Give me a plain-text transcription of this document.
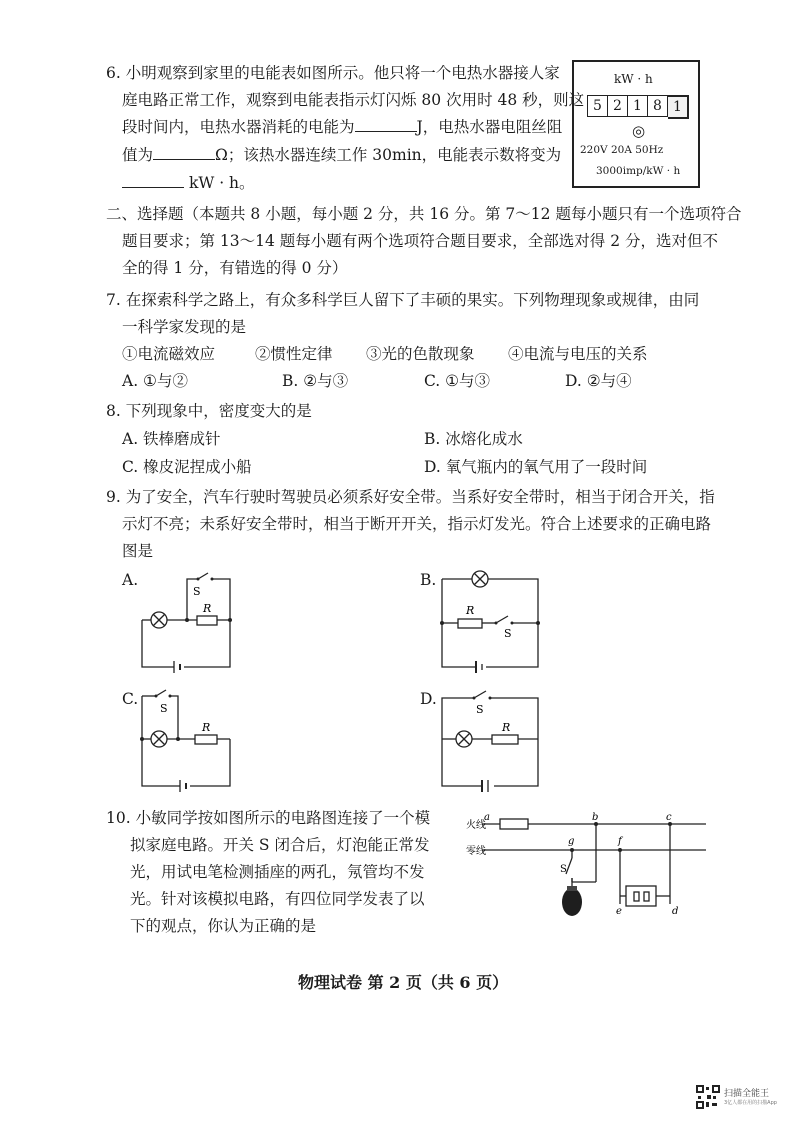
6. 小明观察到家里的电能表如图所示。他只将一个电热水器接人家
庭电路正常工作，观察到电能表指示灯闪烁 80 次用时 48 秒，则这
段时间内，电热水器消耗的电能为	J，电热水器电阻丝阻
值为	Ω；该热水器连续工作 30min，电能表示数将变为
kW · h。
kW · h
5 2 1 8 1
◎
220V 20A 50Hz
3000imp/kW · h
二、选择题（本题共 8 小题，每小题 2 分，共 16 分。第 7～12 题每小题只有一个选项符合
题目要求；第 13～14 题每小题有两个选项符合题目要求，全部选对得 2 分，选对但不
全的得 1 分，有错选的得 0 分）
7. 在探索科学之路上，有众多科学巨人留下了丰硕的果实。下列物理现象或规律，由同
一科学家发现的是
①电流磁效应	②惯性定律 ③光的色散现象 ④电流与电压的关系
A. ①与②	B. ②与③	C. ①与③	D. ②与④
8. 下列现象中，密度变大的是
A. 铁棒磨成针	B. 冰熔化成水
C. 橡皮泥捏成小船	D. 氧气瓶内的氧气用了一段时间
9. 为了安全，汽车行驶时驾驶员必须系好安全带。当系好安全带时，相当于闭合开关，指
示灯不亮；未系好安全带时，相当于断开开关，指示灯发光。符合上述要求的正确电路
图是
A.	B.
C.	D.
S
R	R
S
S
R
S
R
10. 小敏同学按如图所示的电路图连接了一个模
拟家庭电路。开关 S 闭合后，灯泡能正常发
光，用试电笔检测插座的两孔，氖管均不发
光。针对该模拟电路，有四位同学发表了以
下的观点，你认为正确的是
火线
零线
a	b	c
d
e
f
g
S
物理试卷 第 2 页（共 6 页）
扫描全能王
3亿人都在用的扫描App
